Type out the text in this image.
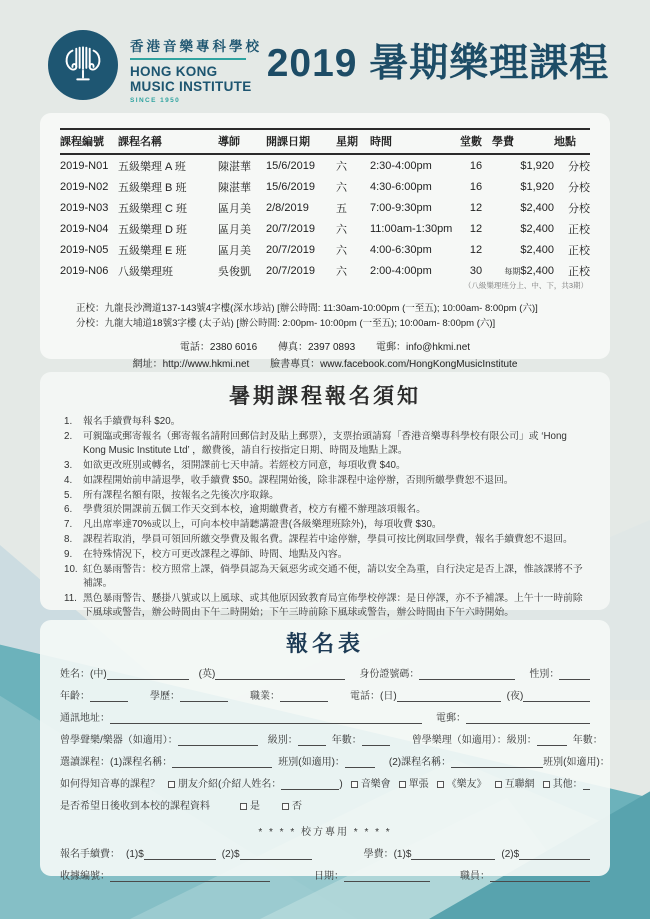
香港音樂專科學校
HONG KONG
MUSIC INSTITUTE
SINCE 1950
2019 暑期樂理課程
課程編號	課程名稱	導師	開課日期	星期	時間	堂數	學費	地點
2019-N01	五級樂理 A 班	陳湛華	15/6/2019	六	2:30-4:00pm	16	$1,920	分校
2019-N02	五級樂理 B 班	陳湛華	15/6/2019	六	4:30-6:00pm	16	$1,920	分校
2019-N03	五級樂理 C 班	區月美	2/8/2019	五	7:00-9:30pm	12	$2,400	分校
2019-N04	五級樂理 D 班	區月美	20/7/2019	六	11:00am-1:30pm	12	$2,400	正校
2019-N05	五級樂理 E 班	區月美	20/7/2019	六	4:00-6:30pm	12	$2,400	正校
2019-N06	八級樂理班	吳俊凱	20/7/2019	六	2:00-4:00pm	30	每期$2,400	正校
（八級樂理班分上、中、下，共3期）
正校：九龍長沙灣道137-143號4字樓(深水埗站) [辦公時間: 11:30am-10:00pm (一至五); 10:00am- 8:00pm (六)]
分校：九龍大埔道18號3字樓 (太子站) [辦公時間: 2:00pm- 10:00pm (一至五); 10:00am- 8:00pm (六)]
電話：2380 6016 傳真：2397 0893 電郵：info@hkmi.net
網址：http://www.hkmi.net 臉書專頁：www.facebook.com/HongKongMusicInstitute
暑期課程報名須知
報名手續費每科 $20。
可親臨或郵寄報名（郵寄報名請附回郵信封及貼上郵票），支票抬頭請寫「香港音樂專科學校有限公司」或 ‘Hong Kong Music Institute Ltd’ ，繳費後，請自行按指定日期、時間及地點上課。
如欲更改班別或轉名，須開課前七天申請。若經校方同意，每項收費 $40。
如課程開始前申請退學，收手續費 $50。課程開始後，除非課程中途停辦，否則所繳學費恕不退回。
所有課程名額有限，按報名之先後次序取錄。
學費須於開課前五個工作天交到本校，逾期繳費者，校方有權不辦理該項報名。
凡出席率達70%或以上，可向本校申請聽講證書(各級樂理班除外)，每項收費 $30。
課程若取消，學員可領回所繳交學費及報名費。課程若中途停辦，學員可按比例取回學費，報名手續費恕不退回。
在特殊情況下，校方可更改課程之導師、時間、地點及內容。
紅色暴雨警告：校方照常上課，倘學員認為天氣惡劣或交通不便，請以安全為重，自行決定是否上課，惟該課將不予補課。
黑色暴雨警告、懸掛八號或以上風球、或其他原因致教育局宣佈學校停課：是日停課，亦不予補課。上午十一時前除下風球或警告，辦公時間由下午二時開始；下午三時前除下風球或警告，辦公時間由下午六時開始。
報名表
姓名：(中)	(英)	身份證號碼：	性別：
年齡：	學歷：	職業：	電話：(日)	(夜)
通訊地址：	電郵：
曾學聲樂/樂器（如適用）：	級別：	年數：	曾學樂理（如適用）：級別：	年數：
選讀課程：(1)課程名稱：	班別(如適用)：	(2)課程名稱：	班別(如適用)：
如何得知音專的課程？ 朋友介紹(介紹人姓名：	) 音樂會 單張 《樂友》 互聯網 其他：
是否希望日後收到本校的課程資料	是	否
* * * * 校方專用 * * * *
報名手續費： (1)$	(2)$	學費：(1)$	(2)$
收據編號：	日期：	職員：
